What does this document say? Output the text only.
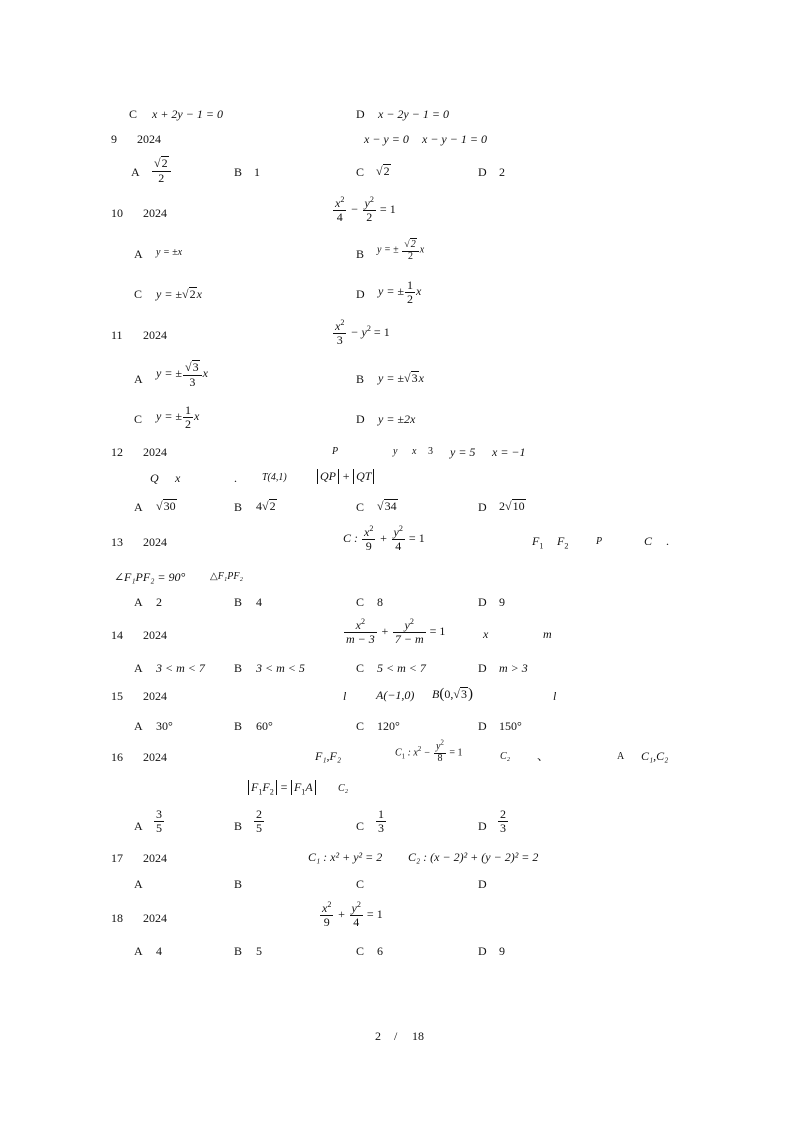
C x + 2y − 1 = 0	D x − 2y − 1 = 0
9 2024	x − y = 0 x − y − 1 = 0
A $\frac{√2}{2}$	B 1	C √2	D 2
10 2024	$\frac{x^2}{4} - \frac{y^2}{2} = 1$
A y = ±x	B y = ± $\frac{√2}{2}$ x
C y = ±√2x	D y = ± $\frac{1}{2}$ x
11 2024	$\frac{x^2}{3} - y^2 = 1$
A y = ± $\frac{√3}{3}$ x	B y = ±√3x
C y = ± $\frac{1}{2}$ x	D y = ±2x
12 2024	P	y x 3 y = 5 x = −1
Q x	.	T(4,1)	QP + QT
A √30	B 4√2	C √34	D 2√10
13 2024	C : $\frac{x^2}{9} + \frac{y^2}{4} = 1$	$F_1$ $F_2$	P	C .
∠F₁PF₂ = 90° △F₁PF₂
A 2	B 4	C 8	D 9
14 2024	$\frac{x^2}{m - 3} + \frac{y^2}{7 - m} = 1$	x	m
A 3 < m < 7 B 3 < m < 5	C 5 < m < 7	D m > 3
15 2024	l A(−1,0) B(0,√3)	l
A 30°	B 60°	C 120°	D 150°
16 2024	F₁,F₂	$C_1$ : $x^2 - \frac{y^2}{8} = 1$	C₂ 、	A C₁,C₂
$F_1F_2 = F_1A$	C₂
A $\frac{3}{5}$	B $\frac{2}{5}$	C $\frac{1}{3}$	D $\frac{2}{3}$
17 2024	C₁ : x² + y² = 2 C₂ : (x − 2)² + (y − 2)² = 2
A	B	C	D
18 2024	$\frac{x^2}{9} + \frac{y^2}{4} = 1$
A 4	B 5	C 6	D 9
2 / 18
